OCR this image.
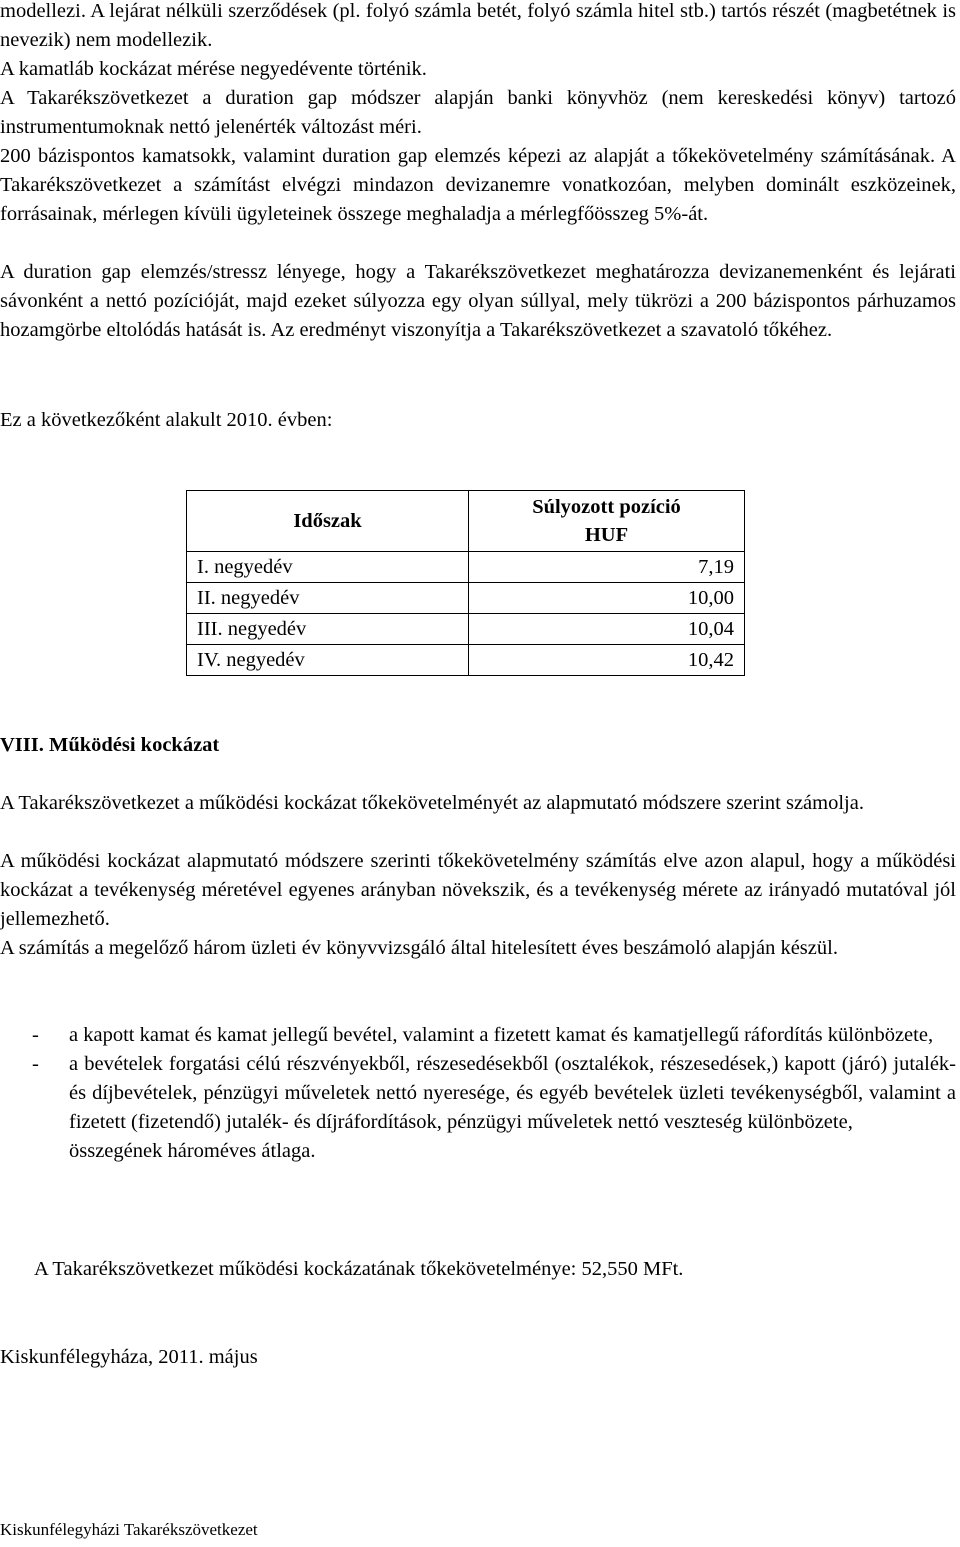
modellezi. A lejárat nélküli szerződések (pl. folyó számla betét, folyó számla hitel stb.) tartós részét (magbetétnek is nevezik) nem modellezik.

A kamatláb kockázat mérése negyedévente történik.

A Takarékszövetkezet a duration gap módszer alapján banki könyvhöz (nem kereskedési könyv) tartozó instrumentumoknak nettó jelenérték változást méri.

200 bázispontos kamatsokk, valamint duration gap elemzés képezi az alapját a tőkekövetelmény számításának. A Takarékszövetkezet a számítást elvégzi mindazon devizanemre vonatkozóan, melyben dominált eszközeinek, forrásainak, mérlegen kívüli ügyleteinek összege meghaladja a mérlegfőösszeg 5%-át.

A duration gap elemzés/stressz lényege, hogy a Takarékszövetkezet meghatározza devizanemenként és lejárati sávonként a nettó pozícióját, majd ezeket súlyozza egy olyan súllyal, mely tükrözi a 200 bázispontos párhuzamos hozamgörbe eltolódás hatását is. Az eredményt viszonyítja a Takarékszövetkezet a szavatoló tőkéhez.

Ez a következőként alakult 2010. évben:

Időszak	Súlyozott pozíció
HUF
I. negyedév	7,19
II. negyedév	10,00
III. negyedév	10,04
IV. negyedév	10,42

VIII. Működési kockázat

A Takarékszövetkezet a működési kockázat tőkekövetelményét az alapmutató módszere szerint számolja.

A működési kockázat alapmutató módszere szerinti tőkekövetelmény számítás elve azon alapul, hogy a működési kockázat a tevékenység méretével egyenes arányban növekszik, és a tevékenység mérete az irányadó mutatóval jól jellemezhető.

A számítás a megelőző három üzleti év könyvvizsgáló által hitelesített éves beszámoló alapján készül.

- a kapott kamat és kamat jellegű bevétel, valamint a fizetett kamat és kamatjellegű ráfordítás különbözete,
- a bevételek forgatási célú részvényekből, részesedésekből (osztalékok, részesedések,) kapott (járó) jutalék- és díjbevételek, pénzügyi műveletek nettó nyeresége, és egyéb bevételek üzleti tevékenységből, valamint a fizetett (fizetendő) jutalék- és díjráfordítások, pénzügyi műveletek nettó veszteség különbözete,
összegének hároméves átlaga.

A Takarékszövetkezet működési kockázatának tőkekövetelménye: 52,550 MFt.

Kiskunfélegyháza, 2011. május

Kiskunfélegyházi Takarékszövetkezet
